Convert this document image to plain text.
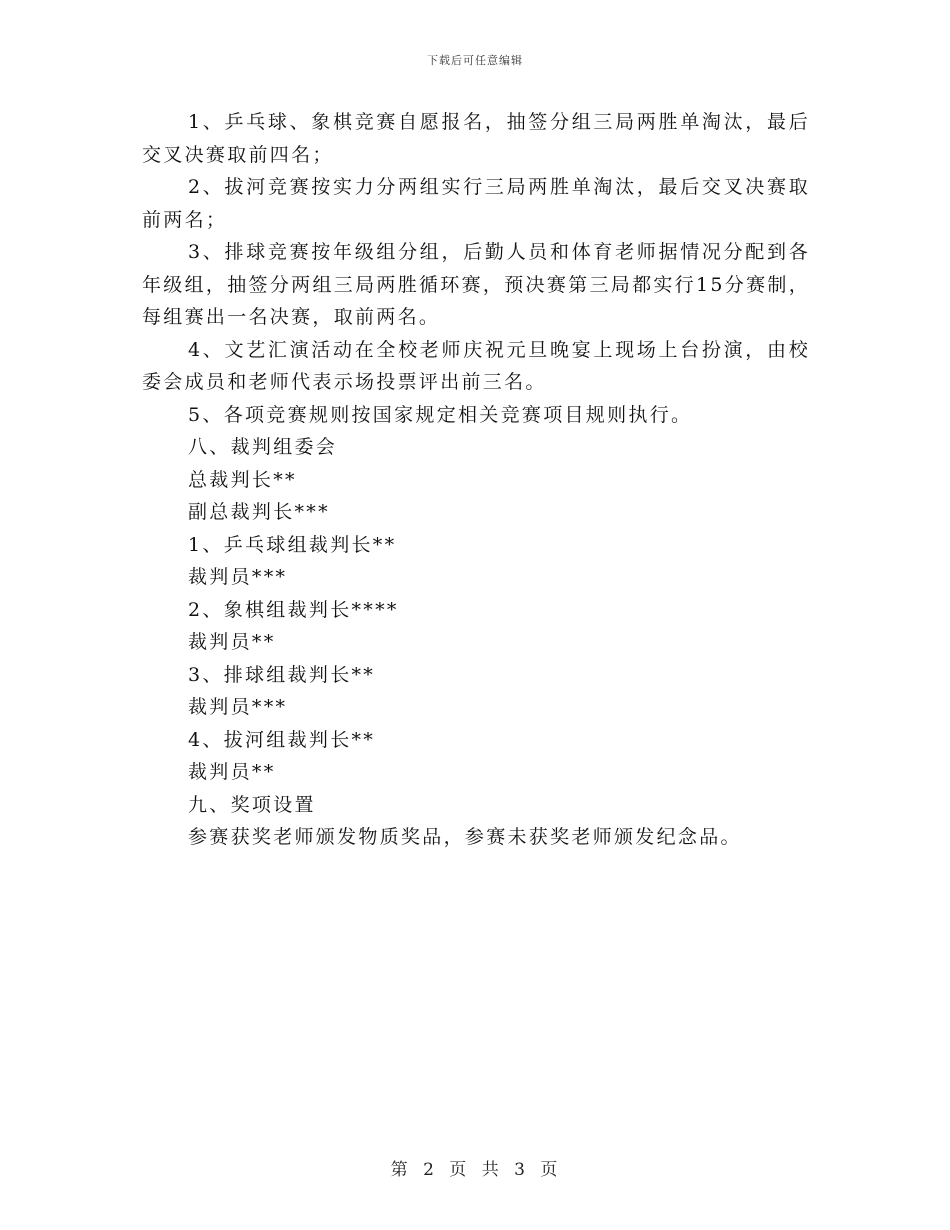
下载后可任意编辑

1、乒乓球、象棋竞赛自愿报名，抽签分组三局两胜单淘汰，最后交叉决赛取前四名；

2、拔河竞赛按实力分两组实行三局两胜单淘汰，最后交叉决赛取前两名；

3、排球竞赛按年级组分组，后勤人员和体育老师据情况分配到各年级组，抽签分两组三局两胜循环赛，预决赛第三局都实行15分赛制，每组赛出一名决赛，取前两名。

4、文艺汇演活动在全校老师庆祝元旦晚宴上现场上台扮演，由校委会成员和老师代表示场投票评出前三名。

5、各项竞赛规则按国家规定相关竞赛项目规则执行。

八、裁判组委会

总裁判长**

副总裁判长***

1、乒乓球组裁判长**

裁判员***

2、象棋组裁判长****

裁判员**

3、排球组裁判长**

裁判员***

4、拔河组裁判长**

裁判员**

九、奖项设置

参赛获奖老师颁发物质奖品，参赛未获奖老师颁发纪念品。

第 2 页 共 3 页
